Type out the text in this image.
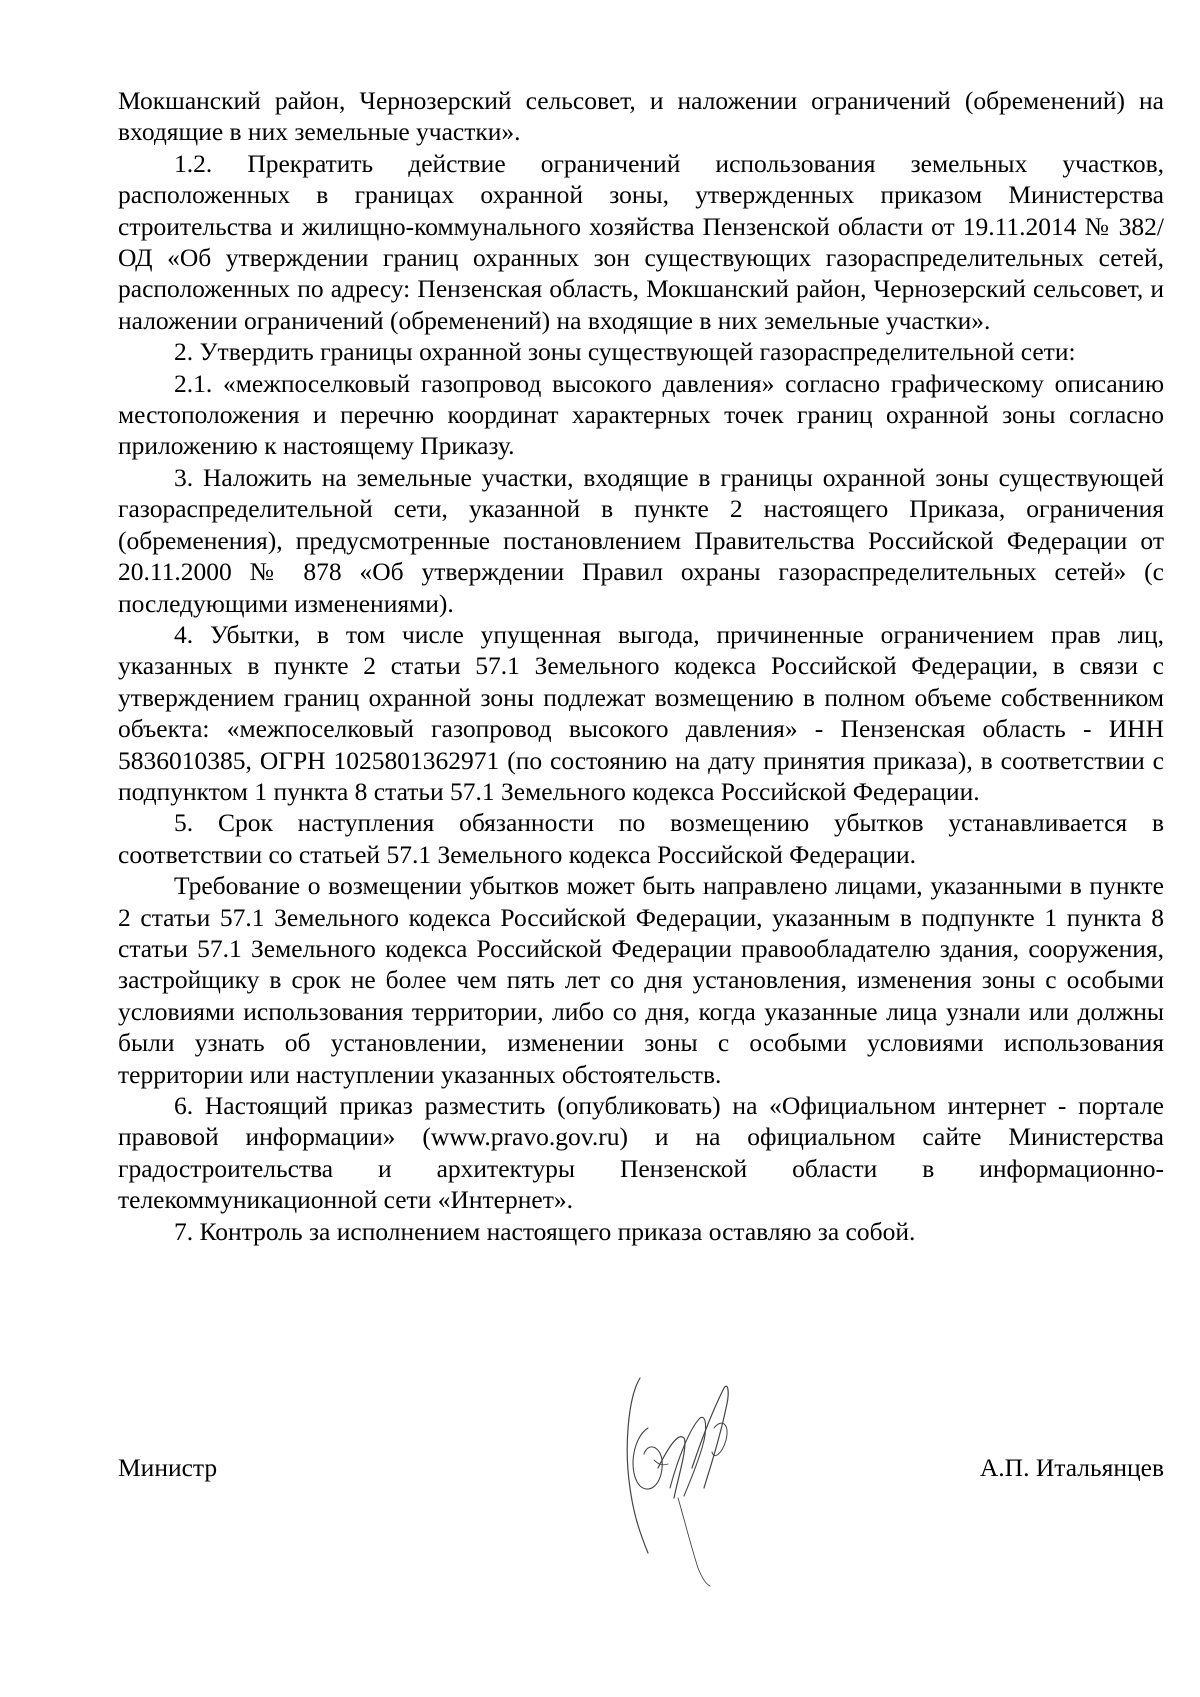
Мокшанский район, Чернозерский сельсовет, и наложении ограничений (обременений) на входящие в них земельные участки».

1.2. Прекратить действие ограничений использования земельных участков, расположенных в границах охранной зоны, утвержденных приказом Министерства строительства и жилищно-коммунального хозяйства Пензенской области от 19.11.2014 № 382/ОД «Об утверждении границ охранных зон существующих газораспределительных сетей, расположенных по адресу: Пензенская область, Мокшанский район, Чернозерский сельсовет, и наложении ограничений (обременений) на входящие в них земельные участки».

2. Утвердить границы охранной зоны существующей газораспределительной сети:

2.1. «межпоселковый газопровод высокого давления» согласно графическому описанию местоположения и перечню координат характерных точек границ охранной зоны согласно приложению к настоящему Приказу.

3. Наложить на земельные участки, входящие в границы охранной зоны существующей газораспределительной сети, указанной в пункте 2 настоящего Приказа, ограничения (обременения), предусмотренные постановлением Правительства Российской Федерации от 20.11.2000 № 878 «Об утверждении Правил охраны газораспределительных сетей» (с последующими изменениями).

4. Убытки, в том числе упущенная выгода, причиненные ограничением прав лиц, указанных в пункте 2 статьи 57.1 Земельного кодекса Российской Федерации, в связи с утверждением границ охранной зоны подлежат возмещению в полном объеме собственником объекта: «межпоселковый газопровод высокого давления» - Пензенская область - ИНН 5836010385, ОГРН 1025801362971 (по состоянию на дату принятия приказа), в соответствии с подпунктом 1 пункта 8 статьи 57.1 Земельного кодекса Российской Федерации.

5. Срок наступления обязанности по возмещению убытков устанавливается в соответствии со статьей 57.1 Земельного кодекса Российской Федерации.

Требование о возмещении убытков может быть направлено лицами, указанными в пункте 2 статьи 57.1 Земельного кодекса Российской Федерации, указанным в подпункте 1 пункта 8 статьи 57.1 Земельного кодекса Российской Федерации правообладателю здания, сооружения, застройщику в срок не более чем пять лет со дня установления, изменения зоны с особыми условиями использования территории, либо со дня, когда указанные лица узнали или должны были узнать об установлении, изменении зоны с особыми условиями использования территории или наступлении указанных обстоятельств.

6. Настоящий приказ разместить (опубликовать) на «Официальном интернет - портале правовой информации» (www.pravo.gov.ru) и на официальном сайте Министерства градостроительства и архитектуры Пензенской области в информационно-телекоммуникационной сети «Интернет».

7. Контроль за исполнением настоящего приказа оставляю за собой.

Министр	А.П. Итальянцев
